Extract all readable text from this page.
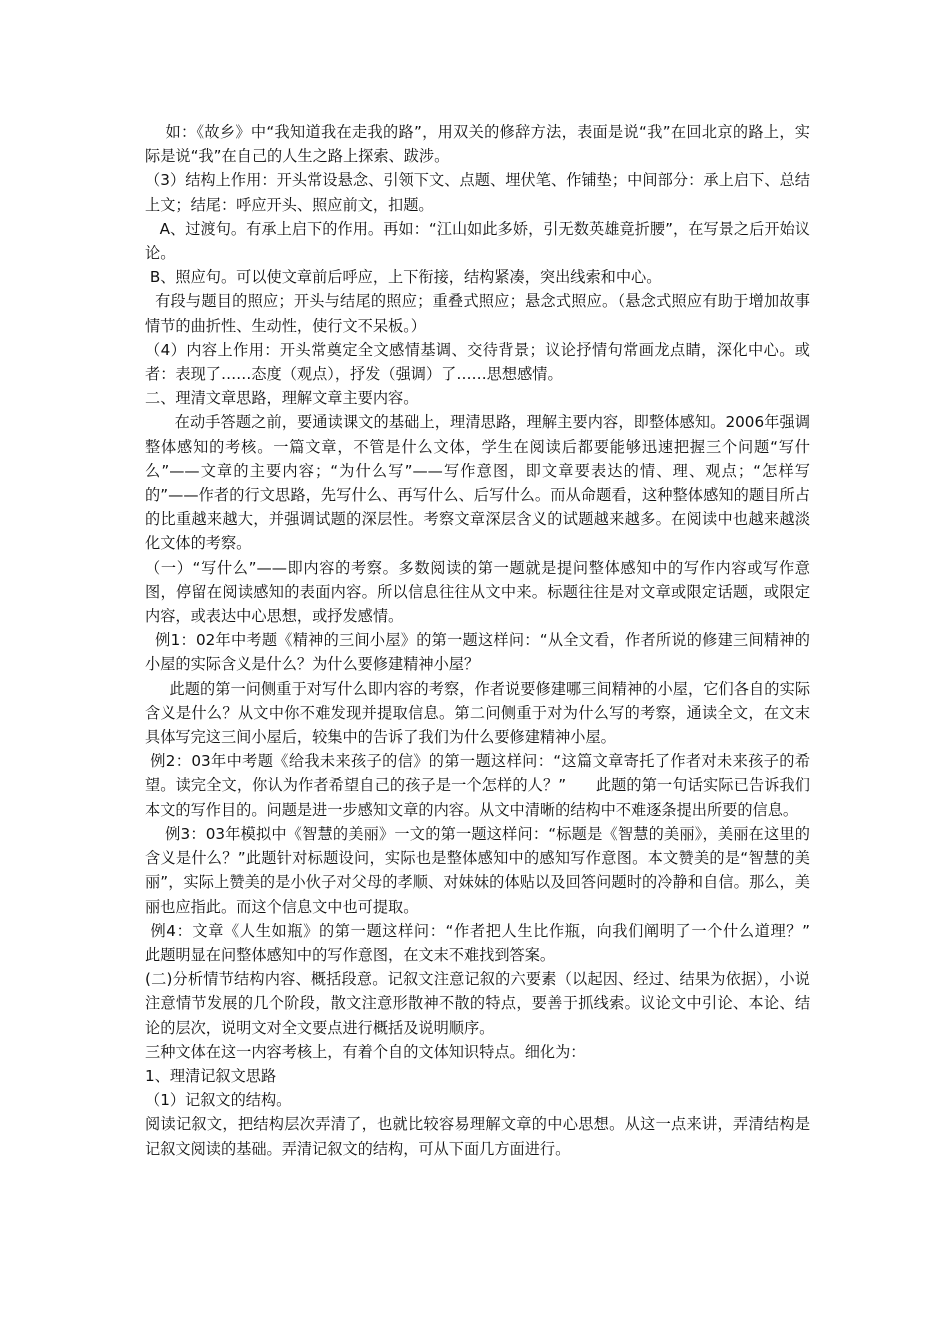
如：《故乡》中“我知道我在走我的路”，用双关的修辞方法，表面是说“我”在回北京的路上，实际是说“我”在自己的人生之路上探索、跋涉。

（3）结构上作用：开头常设悬念、引领下文、点题、埋伏笔、作铺垫；中间部分：承上启下、总结上文；结尾：呼应开头、照应前文，扣题。

A、过渡句。有承上启下的作用。再如：“江山如此多娇，引无数英雄竟折腰”，在写景之后开始议论。

B、照应句。可以使文章前后呼应，上下衔接，结构紧凑，突出线索和中心。

有段与题目的照应；开头与结尾的照应；重叠式照应；悬念式照应。（悬念式照应有助于增加故事情节的曲折性、生动性，使行文不呆板。）

（4）内容上作用：开头常奠定全文感情基调、交待背景；议论抒情句常画龙点睛，深化中心。或者：表现了……态度（观点），抒发（强调）了……思想感情。

二、理清文章思路，理解文章主要内容。

在动手答题之前，要通读课文的基础上，理清思路，理解主要内容，即整体感知。2006年强调整体感知的考核。一篇文章，不管是什么文体，学生在阅读后都要能够迅速把握三个问题“写什么”——文章的主要内容；“为什么写”——写作意图，即文章要表达的情、理、观点；“怎样写的”——作者的行文思路，先写什么、再写什么、后写什么。而从命题看，这种整体感知的题目所占的比重越来越大，并强调试题的深层性。考察文章深层含义的试题越来越多。在阅读中也越来越淡化文体的考察。

（一）“写什么”——即内容的考察。多数阅读的第一题就是提问整体感知中的写作内容或写作意图，停留在阅读感知的表面内容。所以信息往往从文中来。标题往往是对文章或限定话题，或限定内容，或表达中心思想，或抒发感情。

例1：02年中考题《精神的三间小屋》的第一题这样问：“从全文看，作者所说的修建三间精神的小屋的实际含义是什么？为什么要修建精神小屋？

此题的第一问侧重于对写什么即内容的考察，作者说要修建哪三间精神的小屋，它们各自的实际含义是什么？从文中你不难发现并提取信息。第二问侧重于对为什么写的考察，通读全文，在文末具体写完这三间小屋后，较集中的告诉了我们为什么要修建精神小屋。

例2：03年中考题《给我未来孩子的信》的第一题这样问：“这篇文章寄托了作者对未来孩子的希望。读完全文，你认为作者希望自己的孩子是一个怎样的人？”      此题的第一句话实际已告诉我们本文的写作目的。问题是进一步感知文章的内容。从文中清晰的结构中不难逐条提出所要的信息。

例3：03年模拟中《智慧的美丽》一文的第一题这样问：“标题是《智慧的美丽》，美丽在这里的含义是什么？”此题针对标题设问，实际也是整体感知中的感知写作意图。本文赞美的是“智慧的美丽”，实际上赞美的是小伙子对父母的孝顺、对妹妹的体贴以及回答问题时的冷静和自信。那么，美丽也应指此。而这个信息文中也可提取。

例4：文章《人生如瓶》的第一题这样问：“作者把人生比作瓶，向我们阐明了一个什么道理？”      此题明显在问整体感知中的写作意图，在文末不难找到答案。

(二)分析情节结构内容、概括段意。记叙文注意记叙的六要素（以起因、经过、结果为依据），小说注意情节发展的几个阶段，散文注意形散神不散的特点，要善于抓线索。议论文中引论、本论、结论的层次，说明文对全文要点进行概括及说明顺序。

三种文体在这一内容考核上，有着个自的文体知识特点。细化为：

1、理清记叙文思路

（1）记叙文的结构。

阅读记叙文，把结构层次弄清了，也就比较容易理解文章的中心思想。从这一点来讲，弄清结构是记叙文阅读的基础。弄清记叙文的结构，可从下面几方面进行。
